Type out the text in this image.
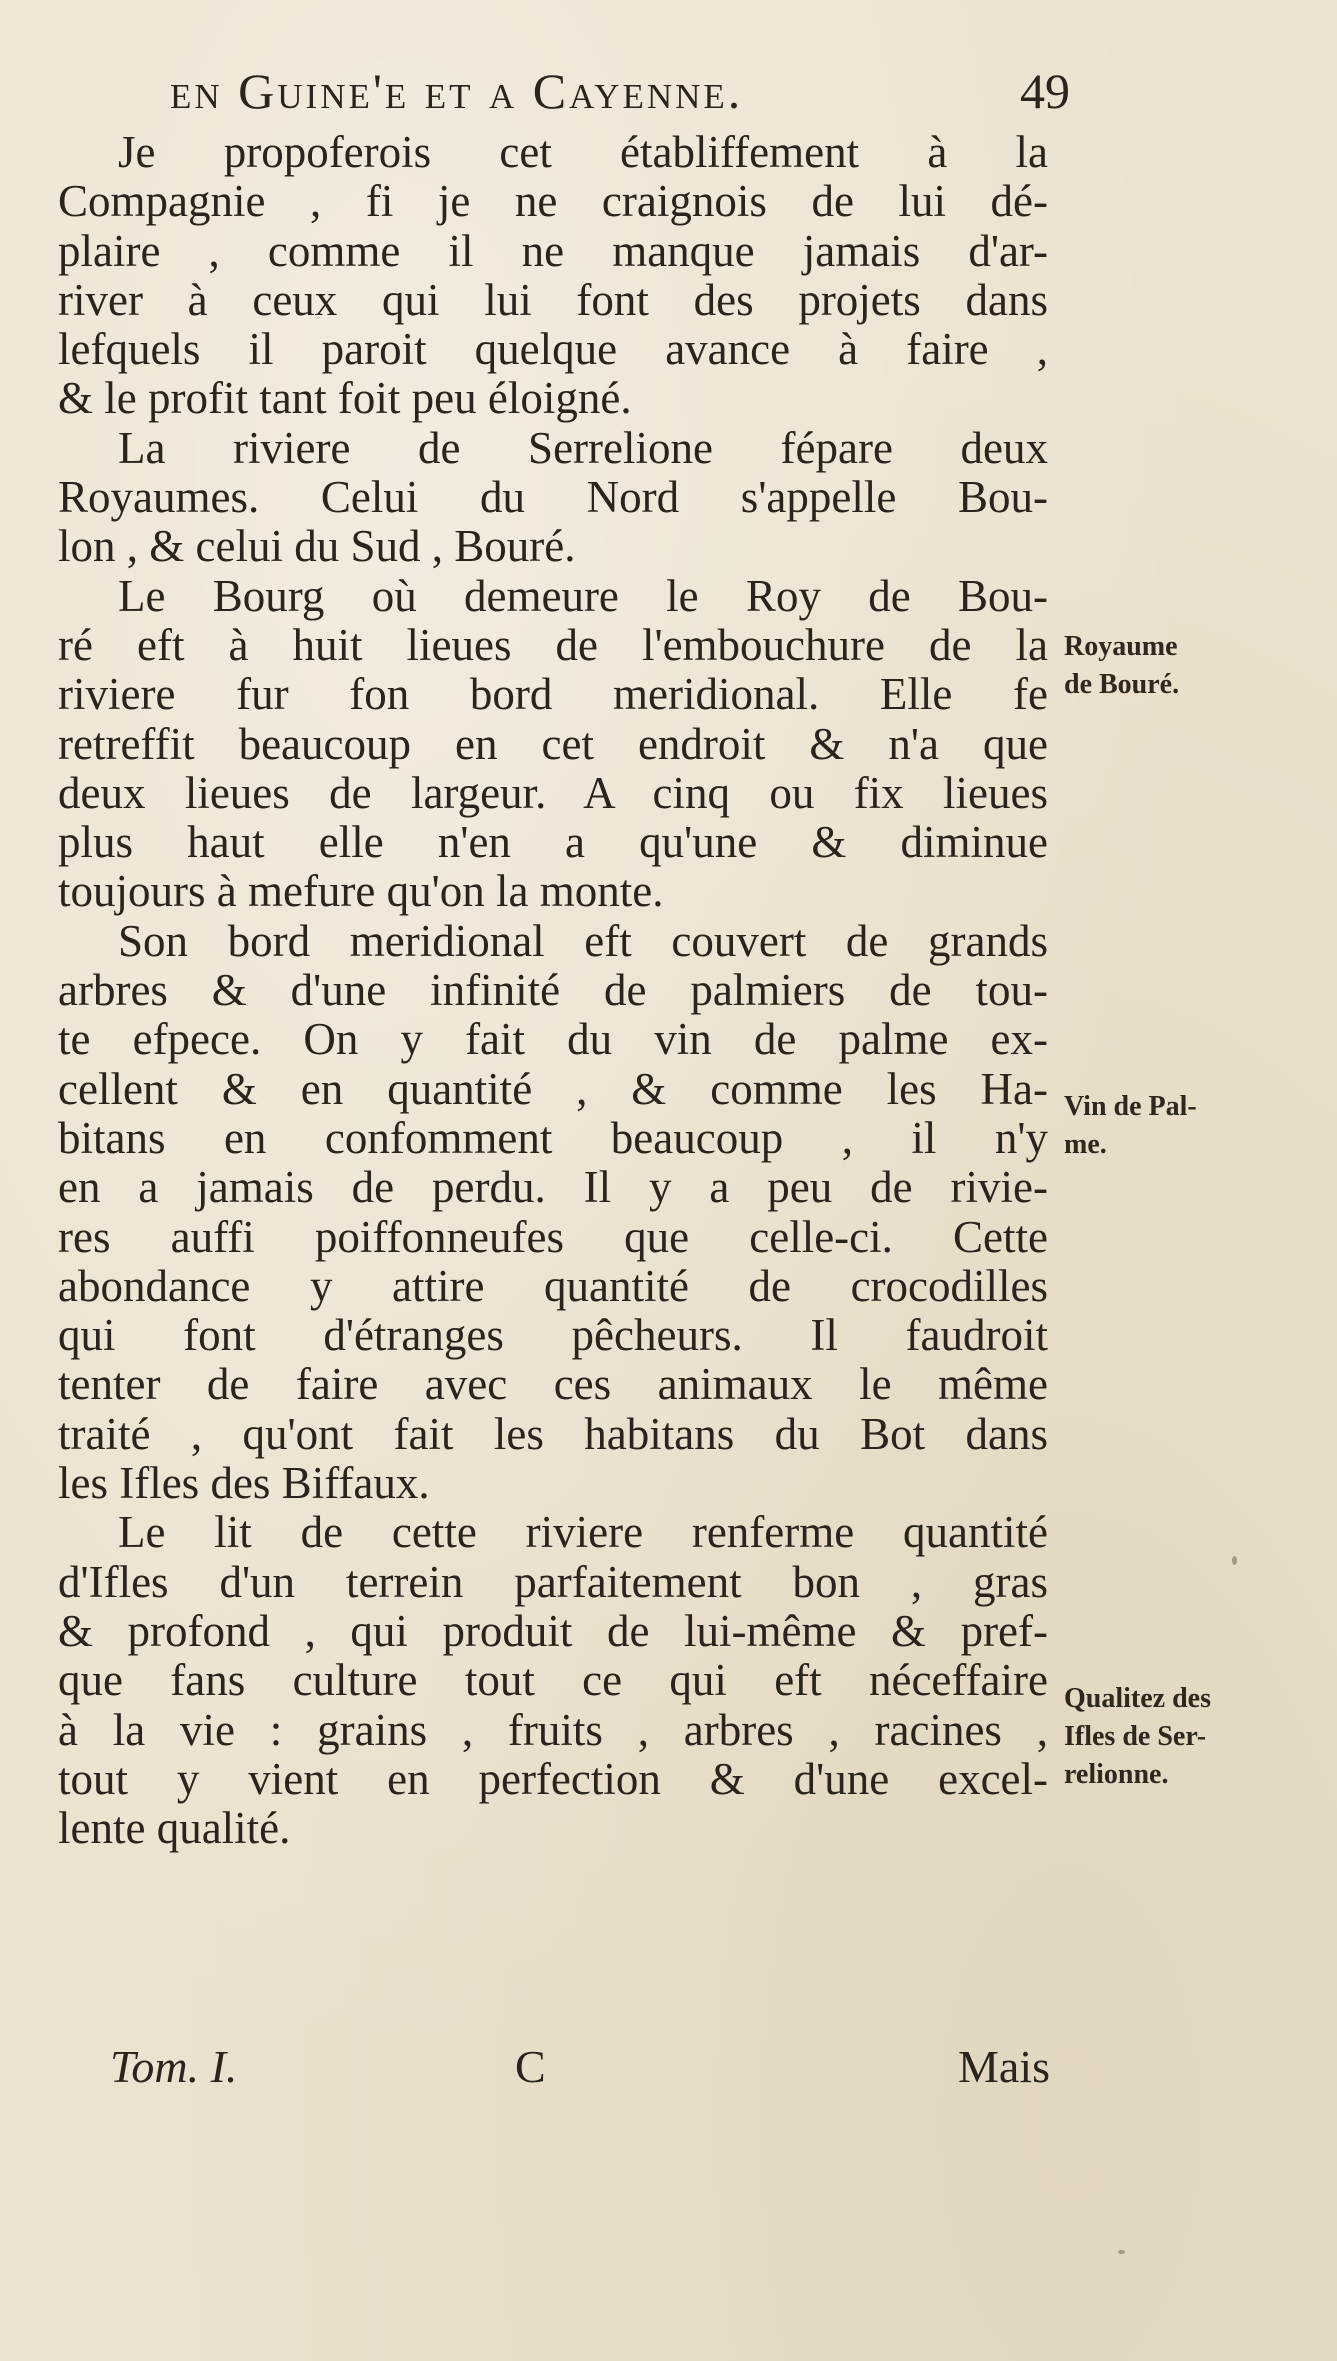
en Guine'e et a Cayenne.	49
Je propoferois cet établiffement à la
Compagnie , fi je ne craignois de lui dé-
plaire , comme il ne manque jamais d'ar-
river à ceux qui lui font des projets dans
lefquels il paroit quelque avance à faire ,
& le profit tant foit peu éloigné.
La riviere de Serrelione fépare deux
Royaumes. Celui du Nord s'appelle Bou-
lon , & celui du Sud , Bouré.
Le Bourg où demeure le Roy de Bou-
ré eft à huit lieues de l'embouchure de la
riviere fur fon bord meridional. Elle fe
retreffit beaucoup en cet endroit & n'a que
deux lieues de largeur. A cinq ou fix lieues
plus haut elle n'en a qu'une & diminue
toujours à mefure qu'on la monte.
Son bord meridional eft couvert de grands
arbres & d'une infinité de palmiers de tou-
te efpece. On y fait du vin de palme ex-
cellent & en quantité , & comme les Ha-
bitans en confomment beaucoup , il n'y
en a jamais de perdu. Il y a peu de rivie-
res auffi poiffonneufes que celle-ci. Cette
abondance y attire quantité de crocodilles
qui font d'étranges pêcheurs. Il faudroit
tenter de faire avec ces animaux le même
traité , qu'ont fait les habitans du Bot dans
les Ifles des Biffaux.
Le lit de cette riviere renferme quantité
d'Ifles d'un terrein parfaitement bon , gras
& profond , qui produit de lui-même & pref-
que fans culture tout ce qui eft néceffaire
à la vie : grains , fruits , arbres , racines ,
tout y vient en perfection & d'une excel-
lente qualité.
Royaume
de Bouré.
Vin de Pal-
me.
Qualitez des
Ifles de Ser-
relionne.
Tom. I.	C	Mais
